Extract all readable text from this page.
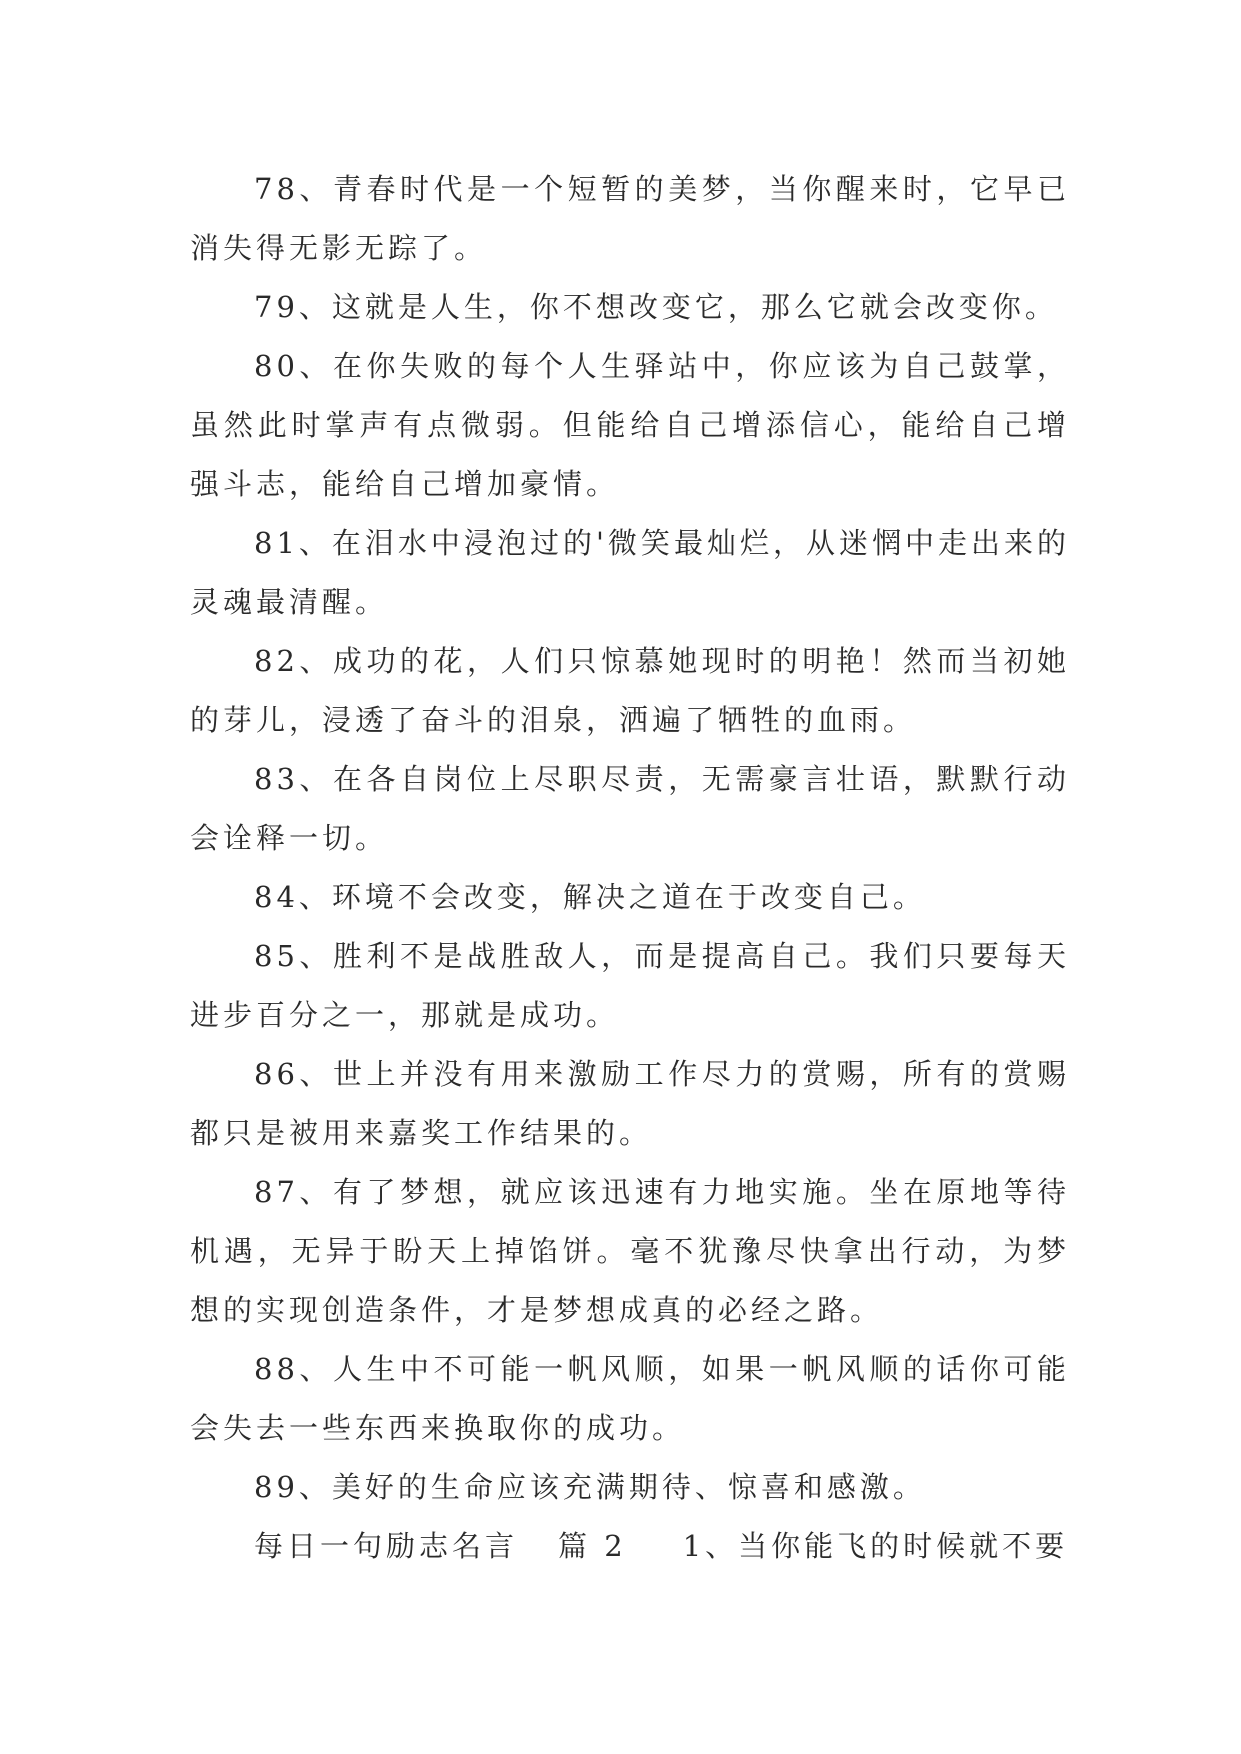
78、青春时代是一个短暂的美梦，当你醒来时，它早已消失得无影无踪了。

79、这就是人生，你不想改变它，那么它就会改变你。

80、在你失败的每个人生驿站中，你应该为自己鼓掌，虽然此时掌声有点微弱。但能给自己增添信心，能给自己增强斗志，能给自己增加豪情。

81、在泪水中浸泡过的'微笑最灿烂，从迷惘中走出来的灵魂最清醒。

82、成功的花，人们只惊慕她现时的明艳！然而当初她的芽儿，浸透了奋斗的泪泉，洒遍了牺牲的血雨。

83、在各自岗位上尽职尽责，无需豪言壮语，默默行动会诠释一切。

84、环境不会改变，解决之道在于改变自己。

85、胜利不是战胜敌人，而是提高自己。我们只要每天进步百分之一，那就是成功。

86、世上并没有用来激励工作尽力的赏赐，所有的赏赐都只是被用来嘉奖工作结果的。

87、有了梦想，就应该迅速有力地实施。坐在原地等待机遇，无异于盼天上掉馅饼。毫不犹豫尽快拿出行动，为梦想的实现创造条件，才是梦想成真的必经之路。

88、人生中不可能一帆风顺，如果一帆风顺的话你可能会失去一些东西来换取你的成功。

89、美好的生命应该充满期待、惊喜和感激。

每日一句励志名言 篇 2 1、当你能飞的时候就不要
